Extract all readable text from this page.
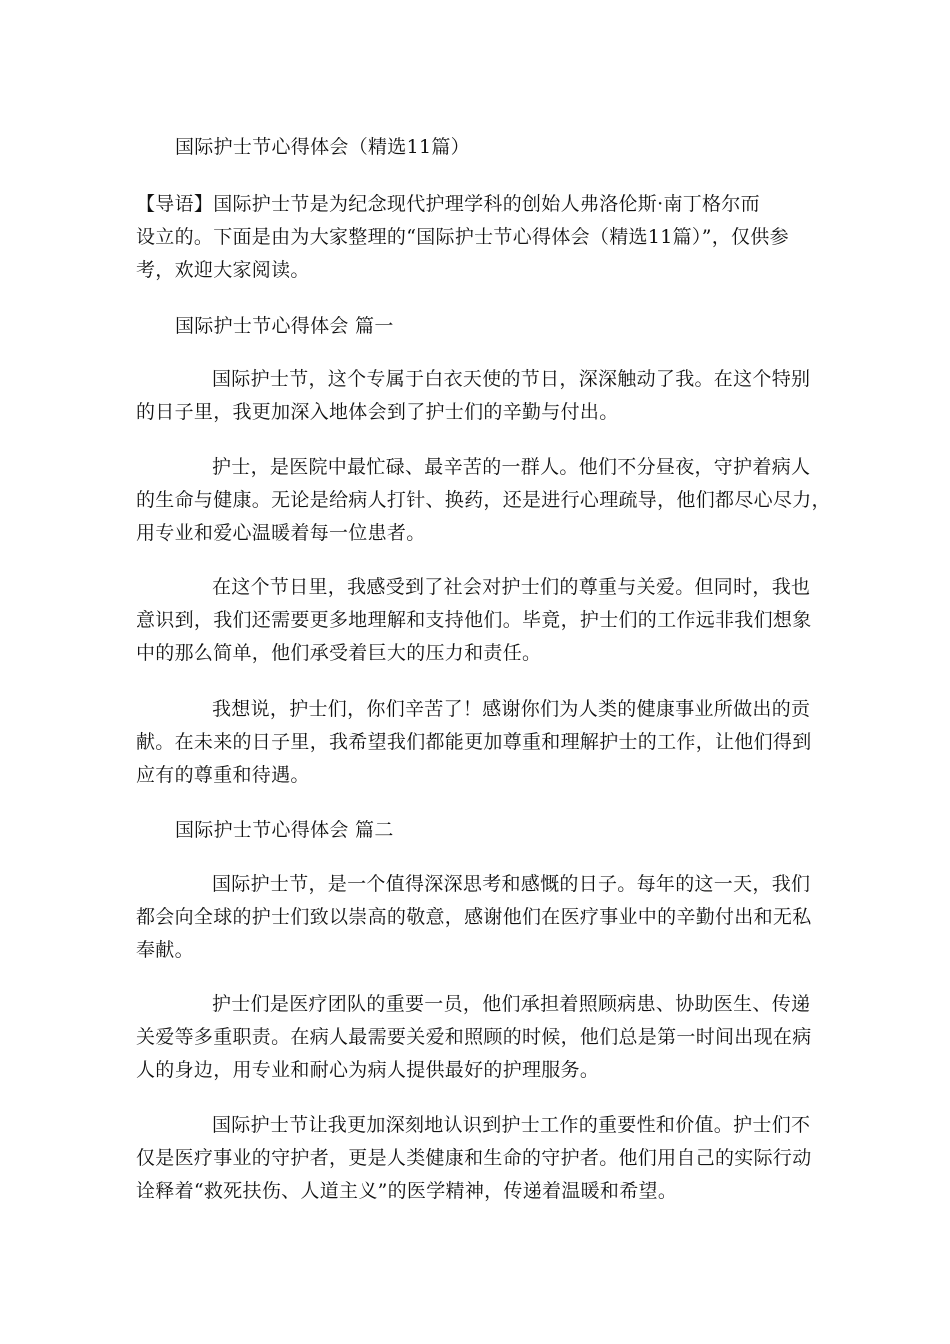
国际护士节心得体会（精选11篇）
【导语】国际护士节是为纪念现代护理学科的创始人弗洛伦斯·南丁格尔而
设立的。下面是由为大家整理的“国际护士节心得体会（精选11篇）”，仅供参
考，欢迎大家阅读。
国际护士节心得体会 篇一
国际护士节，这个专属于白衣天使的节日，深深触动了我。在这个特别
的日子里，我更加深入地体会到了护士们的辛勤与付出。
护士，是医院中最忙碌、最辛苦的一群人。他们不分昼夜，守护着病人
的生命与健康。无论是给病人打针、换药，还是进行心理疏导，他们都尽心尽力，
用专业和爱心温暖着每一位患者。
在这个节日里，我感受到了社会对护士们的尊重与关爱。但同时，我也
意识到，我们还需要更多地理解和支持他们。毕竟，护士们的工作远非我们想象
中的那么简单，他们承受着巨大的压力和责任。
我想说，护士们，你们辛苦了！感谢你们为人类的健康事业所做出的贡
献。在未来的日子里，我希望我们都能更加尊重和理解护士的工作，让他们得到
应有的尊重和待遇。
国际护士节心得体会 篇二
国际护士节，是一个值得深深思考和感慨的日子。每年的这一天，我们
都会向全球的护士们致以崇高的敬意，感谢他们在医疗事业中的辛勤付出和无私
奉献。
护士们是医疗团队的重要一员，他们承担着照顾病患、协助医生、传递
关爱等多重职责。在病人最需要关爱和照顾的时候，他们总是第一时间出现在病
人的身边，用专业和耐心为病人提供最好的护理服务。
国际护士节让我更加深刻地认识到护士工作的重要性和价值。护士们不
仅是医疗事业的守护者，更是人类健康和生命的守护者。他们用自己的实际行动
诠释着“救死扶伤、人道主义”的医学精神，传递着温暖和希望。
